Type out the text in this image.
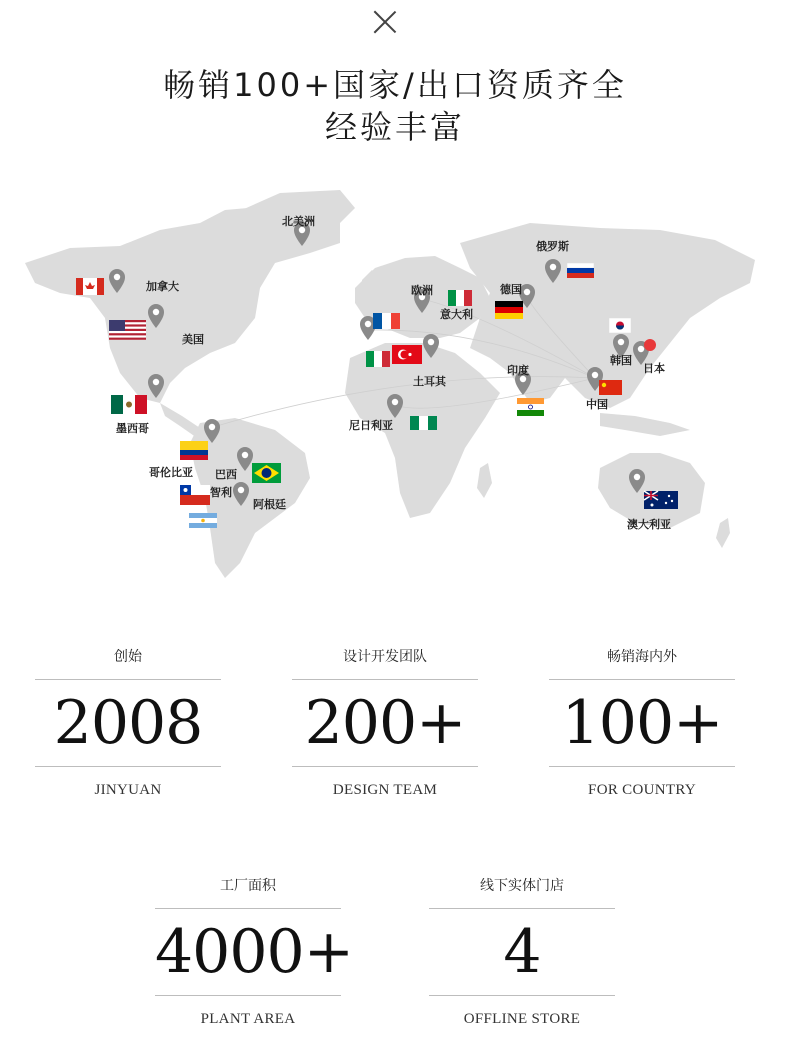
畅销100+国家/出口资质齐全
经验丰富
北美洲
加拿大
美国
墨西哥
哥伦比亚 巴西
智利
阿根廷
欧洲
意大利
德国
俄罗斯
土耳其
尼日利亚
印度
中国
韩国
日本
澳大利亚
创始
2008
JINYUAN
设计开发团队
200+
DESIGN TEAM
畅销海内外
100+
FOR COUNTRY
工厂面积
4000+
PLANT AREA
线下实体门店
4
OFFLINE STORE
